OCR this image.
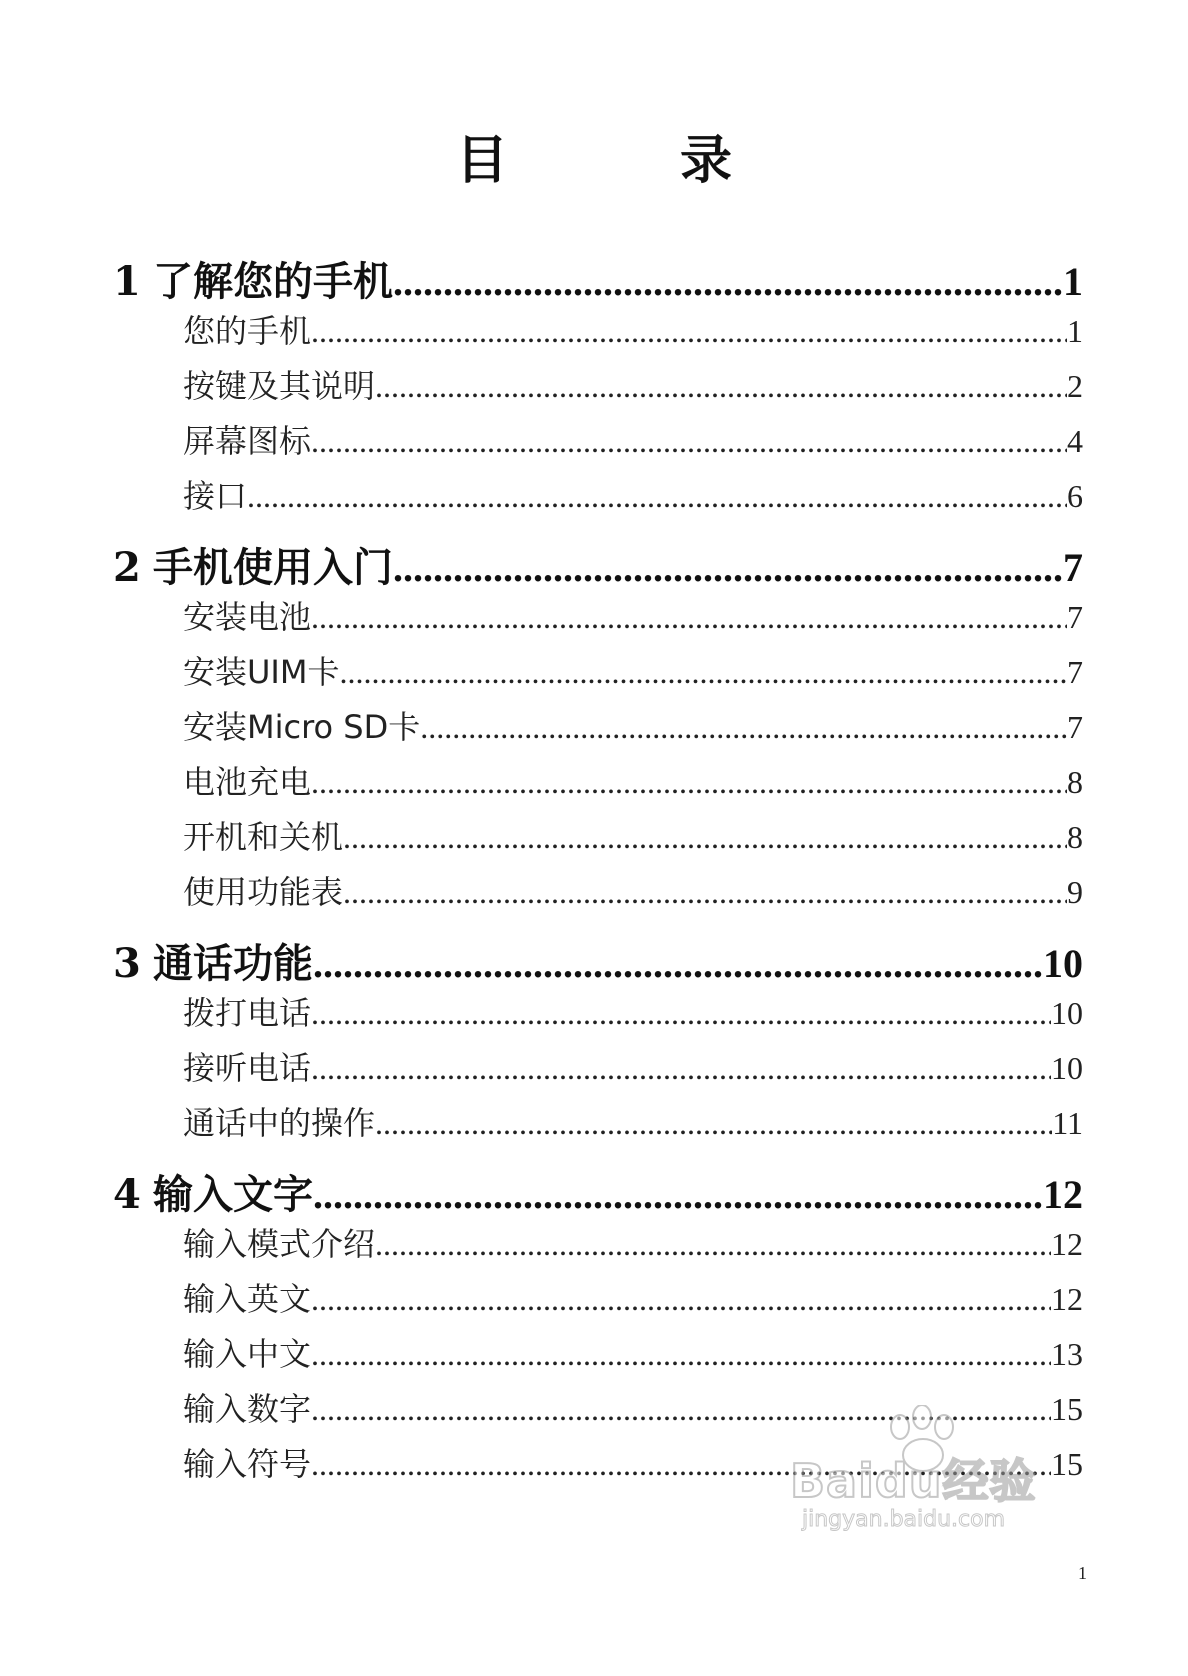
目　录
1 了解您的手机 .....	1
您的手机 .....	1
按键及其说明 .....	2
屏幕图标 .....	4
接口 .....	6
2 手机使用入门 .....	7
安装电池 .....	7
安装UIM卡 .....	7
安装Micro SD卡 .....	7
电池充电 .....	8
开机和关机 .....	8
使用功能表 .....	9
3 通话功能 .....	10
拨打电话 .....	10
接听电话 .....	10
通话中的操作 .....	11
4 输入文字 .....	12
输入模式介绍 .....	12
输入英文 .....	12
输入中文 .....	13
输入数字 .....	15
输入符号 .....	15
Baidu经验
jingyan.baidu.com
1
